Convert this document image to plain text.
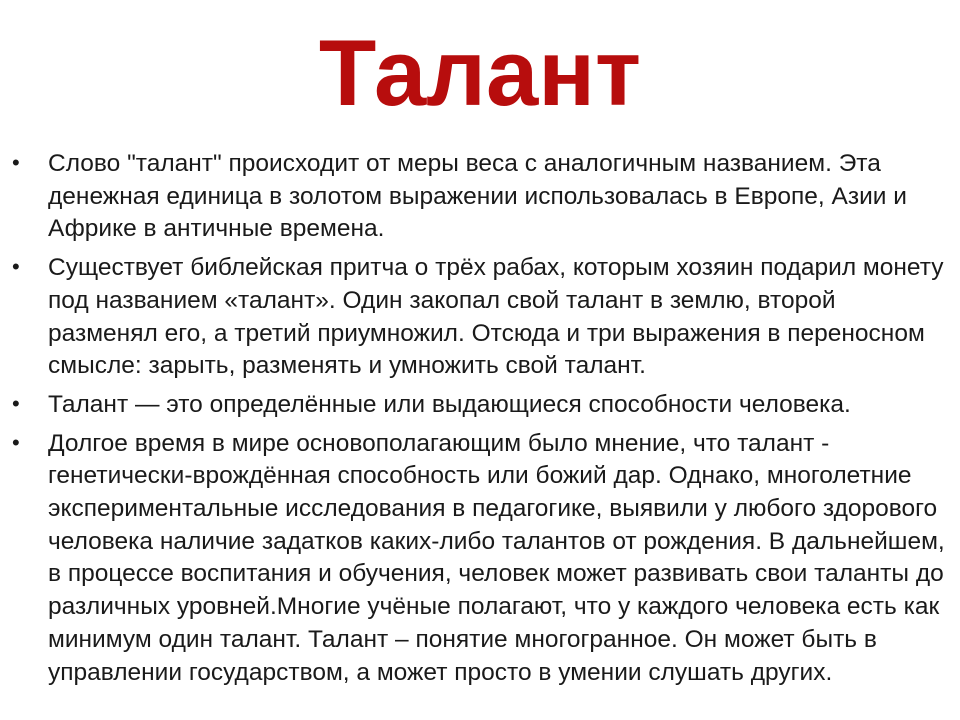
Талант
• Слово "талант" происходит от меры веса с аналогичным названием. Эта денежная единица в золотом выражении использовалась в Европе, Азии и Африке в античные времена.
• Существует библейская притча о трёх рабах, которым хозяин подарил монету под названием «талант». Один закопал свой талант в землю, второй разменял его, а третий приумножил. Отсюда и три выражения в переносном смысле: зарыть, разменять и умножить свой талант.
• Талант — это определённые или выдающиеся способности человека.
• Долгое время в мире основополагающим было мнение, что талант - генетически-врождённая способность или божий дар. Однако, многолетние экспериментальные исследования в педагогике, выявили у любого здорового человека наличие задатков каких-либо талантов от рождения. В дальнейшем, в процессе воспитания и обучения, человек может развивать свои таланты до различных уровней.Многие учёные полагают, что у каждого человека есть как минимум один талант. Талант – понятие многогранное. Он может быть в управлении государством, а может просто в умении слушать других.
